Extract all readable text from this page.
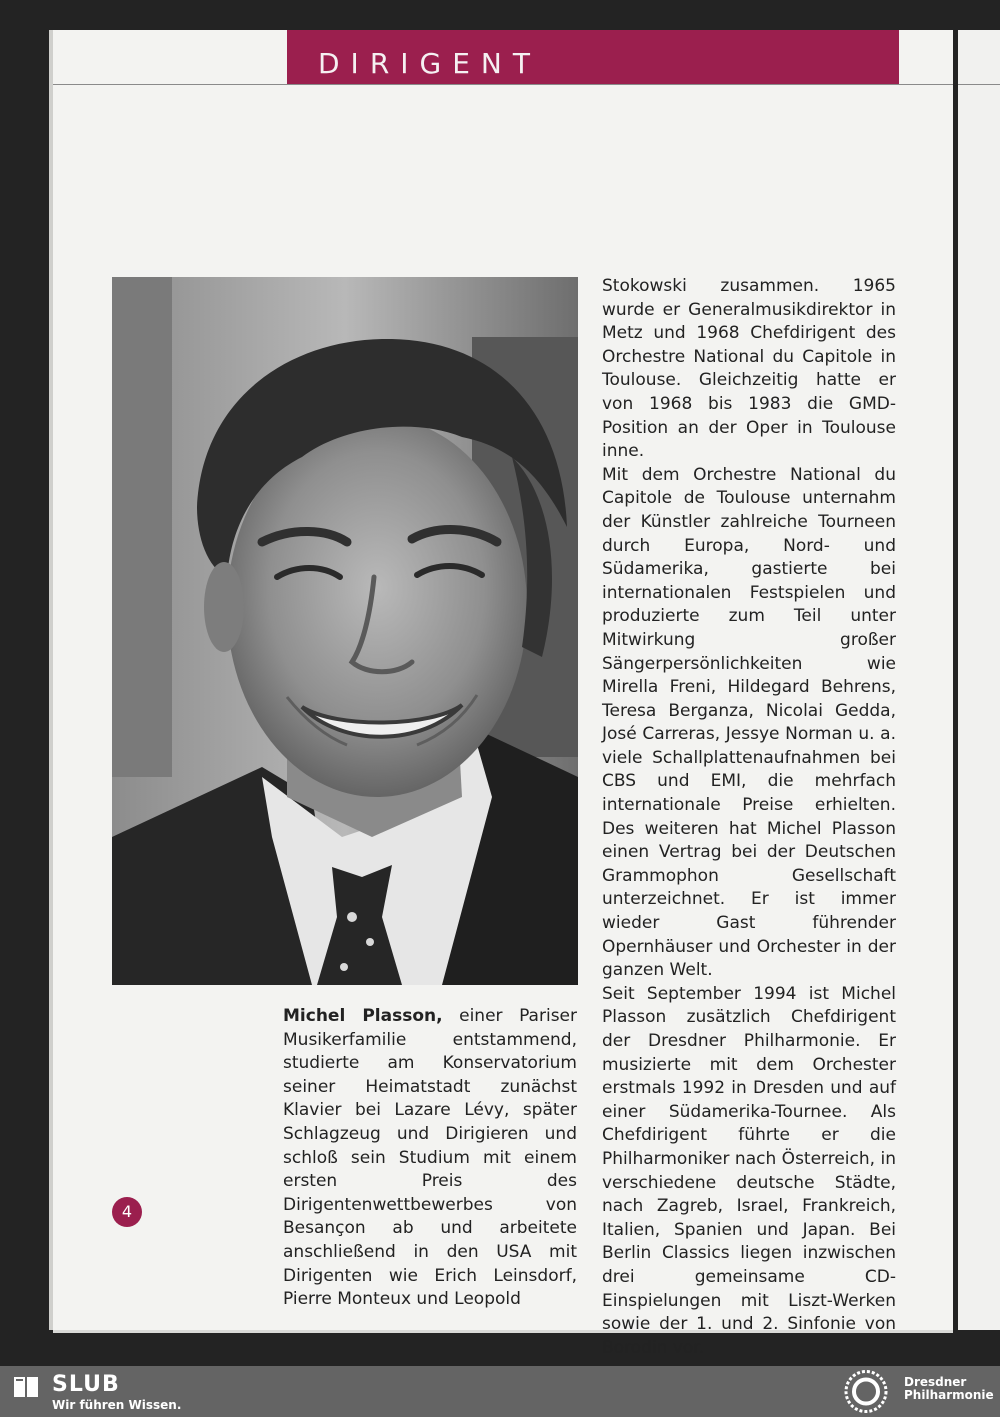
DIRIGENT

Michel Plasson, einer Pariser Musikerfamilie entstammend, studierte am Konservatorium seiner Heimatstadt zunächst Klavier bei Lazare Lévy, später Schlagzeug und Dirigieren und schloß sein Studium mit einem ersten Preis des Dirigentenwettbewerbes von Besançon ab und arbeitete anschließend in den USA mit Dirigenten wie Erich Leinsdorf, Pierre Monteux und Leopold

Stokowski zusammen. 1965 wurde er Generalmusikdirektor in Metz und 1968 Chefdirigent des Orchestre National du Capitole in Toulouse. Gleichzeitig hatte er von 1968 bis 1983 die GMD-Position an der Oper in Toulouse inne.

Mit dem Orchestre National du Capitole de Toulouse unternahm der Künstler zahlreiche Tourneen durch Europa, Nord- und Südamerika, gastierte bei internationalen Festspielen und produzierte zum Teil unter Mitwirkung großer Sängerpersönlichkeiten wie Mirella Freni, Hildegard Behrens, Teresa Berganza, Nicolai Gedda, José Carreras, Jessye Norman u. a. viele Schallplattenaufnahmen bei CBS und EMI, die mehrfach internationale Preise erhielten. Des weiteren hat Michel Plasson einen Vertrag bei der Deutschen Grammophon Gesellschaft unterzeichnet. Er ist immer wieder Gast führender Opernhäuser und Orchester in der ganzen Welt.

Seit September 1994 ist Michel Plasson zusätzlich Chefdirigent der Dresdner Philharmonie. Er musizierte mit dem Orchester erstmals 1992 in Dresden und auf einer Südamerika-Tournee. Als Chefdirigent führte er die Philharmoniker nach Österreich, in verschiedene deutsche Städte, nach Zagreb, Israel, Frankreich, Italien, Spanien und Japan. Bei Berlin Classics liegen inzwischen drei gemeinsame CD-Einspielungen mit Liszt-Werken sowie der 1. und 2. Sinfonie von Borodin vor.

4
SLUB
Wir führen Wissen.
Dresdner
Philharmonie
